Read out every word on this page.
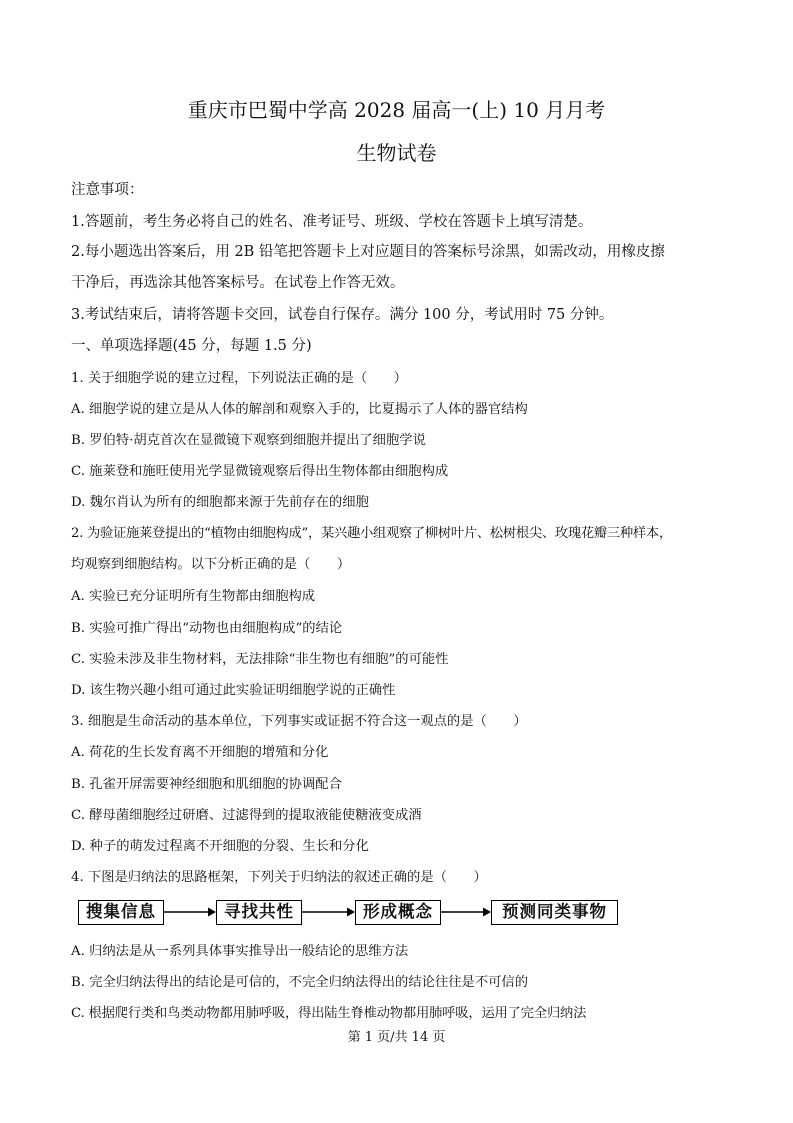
重庆市巴蜀中学高 2028 届高一(上) 10 月月考
生物试卷
注意事项：
1.答题前，考生务必将自己的姓名、准考证号、班级、学校在答题卡上填写清楚。
2.每小题选出答案后，用 2B 铅笔把答题卡上对应题目的答案标号涂黑，如需改动，用橡皮擦
干净后，再选涂其他答案标号。在试卷上作答无效。
3.考试结束后，请将答题卡交回，试卷自行保存。满分 100 分，考试用时 75 分钟。
一、单项选择题(45 分，每题 1.5 分)
1. 关于细胞学说的建立过程，下列说法正确的是（　　）
A. 细胞学说的建立是从人体的解剖和观察入手的，比夏揭示了人体的器官结构
B. 罗伯特·胡克首次在显微镜下观察到细胞并提出了细胞学说
C. 施莱登和施旺使用光学显微镜观察后得出生物体都由细胞构成
D. 魏尔肖认为所有的细胞都来源于先前存在的细胞
2. 为验证施莱登提出的“植物由细胞构成”，某兴趣小组观察了柳树叶片、松树根尖、玫瑰花瓣三种样本，
均观察到细胞结构。以下分析正确的是（　　）
A. 实验已充分证明所有生物都由细胞构成
B. 实验可推广得出“动物也由细胞构成”的结论
C. 实验未涉及非生物材料，无法排除“非生物也有细胞”的可能性
D. 该生物兴趣小组可通过此实验证明细胞学说的正确性
3. 细胞是生命活动的基本单位，下列事实或证据不符合这一观点的是（　　）
A. 荷花的生长发育离不开细胞的增殖和分化
B. 孔雀开屏需要神经细胞和肌细胞的协调配合
C. 酵母菌细胞经过研磨、过滤得到的提取液能使糖液变成酒
D. 种子的萌发过程离不开细胞的分裂、生长和分化
4. 下图是归纳法的思路框架，下列关于归纳法的叙述正确的是（　　）
搜集信息	寻找共性	形成概念	预测同类事物
A. 归纳法是从一系列具体事实推导出一般结论的思维方法
B. 完全归纳法得出的结论是可信的，不完全归纳法得出的结论往往是不可信的
C. 根据爬行类和鸟类动物都用肺呼吸，得出陆生脊椎动物都用肺呼吸，运用了完全归纳法
第 1 页/共 14 页
